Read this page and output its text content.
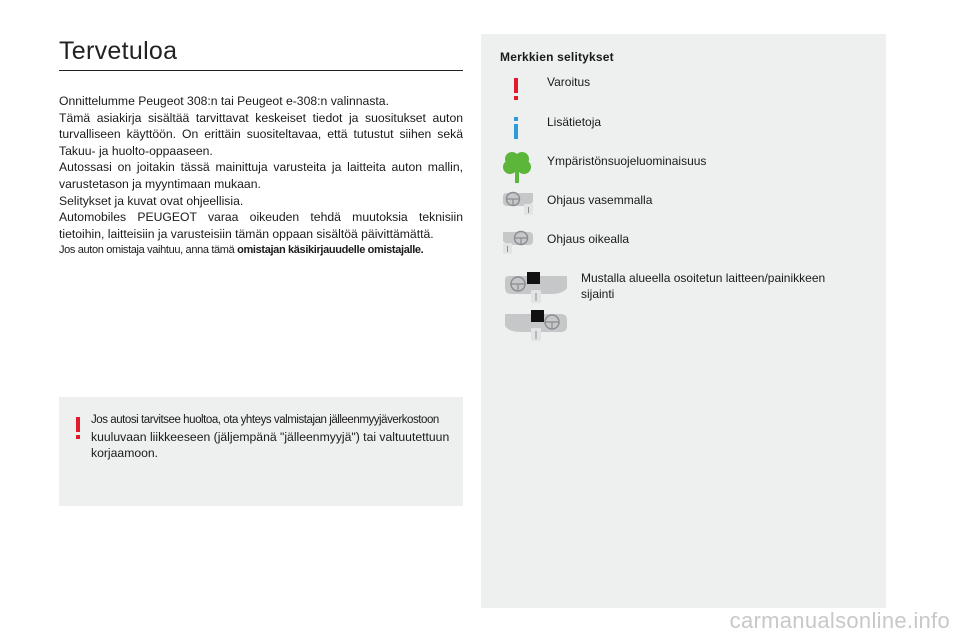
Tervetuloa

Onnittelumme Peugeot 308:n tai Peugeot e-308:n valinnasta.

Tämä asiakirja sisältää tarvittavat keskeiset tiedot ja suositukset auton turvalliseen käyttöön. On erittäin suositeltavaa, että tutustut siihen sekä Takuu- ja huolto-oppaaseen.

Autossasi on joitakin tässä mainittuja varusteita ja laitteita auton mallin, varustetason ja myyntimaan mukaan.

Selitykset ja kuvat ovat ohjeellisia.

Automobiles PEUGEOT varaa oikeuden tehdä muutoksia teknisiin tietoihin, laitteisiin ja varusteisiin tämän oppaan sisältöä päivittämättä.

Jos auton omistaja vaihtuu, anna tämä omistajan käsikirjauudelle omistajalle.

Jos autosi tarvitsee huoltoa, ota yhteys valmistajan jälleenmyyjäverkostoon
kuuluvaan liikkeeseen (jäljempänä "jälleenmyyjä") tai valtuutettuun korjaamoon.
Merkkien selitykset
Varoitus
Lisätietoja
Ympäristönsuojeluominaisuus
Ohjaus vasemmalla
Ohjaus oikealla
Mustalla alueella osoitetun laitteen/painikkeen sijainti
carmanualsonline.info
